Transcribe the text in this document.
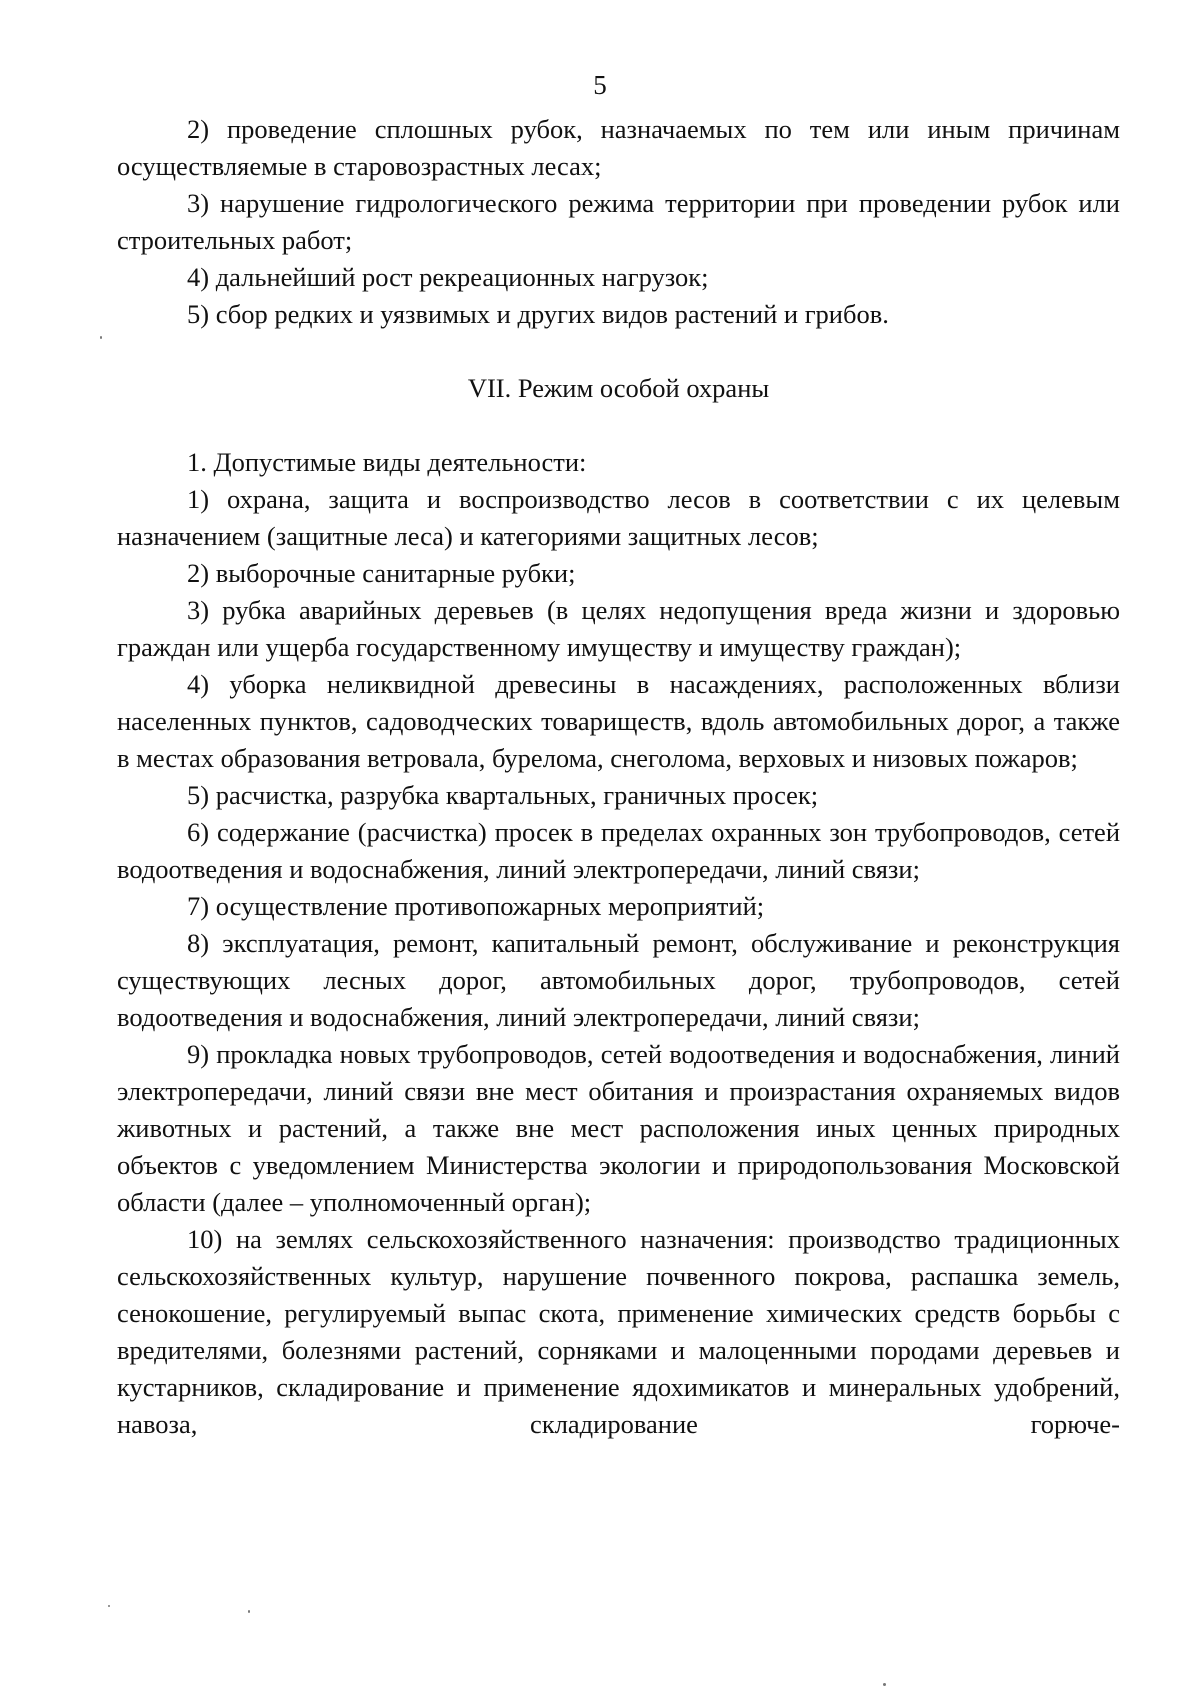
5

2) проведение сплошных рубок, назначаемых по тем или иным причинам осуществляемые в старовозрастных лесах;

3) нарушение гидрологического режима территории при проведении рубок или строительных работ;

4) дальнейший рост рекреационных нагрузок;

5) сбор редких и уязвимых и других видов растений и грибов.

VII. Режим особой охраны

1. Допустимые виды деятельности:

1) охрана, защита и воспроизводство лесов в соответствии с их целевым назначением (защитные леса) и категориями защитных лесов;

2) выборочные санитарные рубки;

3) рубка аварийных деревьев (в целях недопущения вреда жизни и здоровью граждан или ущерба государственному имуществу и имуществу граждан);

4) уборка неликвидной древесины в насаждениях, расположенных вблизи населенных пунктов, садоводческих товариществ, вдоль автомобильных дорог, а также в местах образования ветровала, бурелома, снеголома, верховых и низовых пожаров;

5) расчистка, разрубка квартальных, граничных просек;

6) содержание (расчистка) просек в пределах охранных зон трубопроводов, сетей водоотведения и водоснабжения, линий электропередачи, линий связи;

7) осуществление противопожарных мероприятий;

8) эксплуатация, ремонт, капитальный ремонт, обслуживание и реконструкция существующих лесных дорог, автомобильных дорог, трубопроводов, сетей водоотведения и водоснабжения, линий электропередачи, линий связи;

9) прокладка новых трубопроводов, сетей водоотведения и водоснабжения, линий электропередачи, линий связи вне мест обитания и произрастания охраняемых видов животных и растений, а также вне мест расположения иных ценных природных объектов с уведомлением Министерства экологии и природопользования Московской области (далее – уполномоченный орган);

10) на землях сельскохозяйственного назначения: производство традиционных сельскохозяйственных культур, нарушение почвенного покрова, распашка земель, сенокошение, регулируемый выпас скота, применение химических средств борьбы с вредителями, болезнями растений, сорняками и малоценными породами деревьев и кустарников, складирование и применение ядохимикатов и минеральных удобрений, навоза, складирование горюче-
